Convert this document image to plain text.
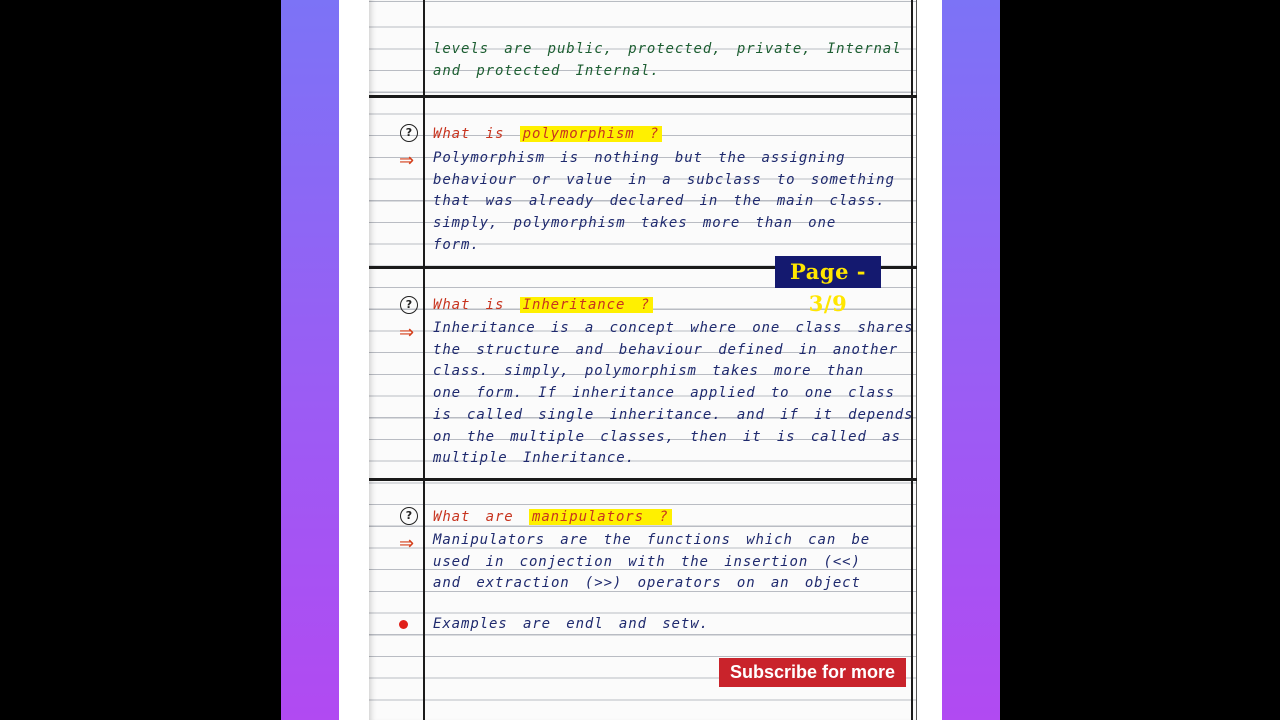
levels are public, protected, private, Internal
and protected Internal.
?	What is polymorphism ?
⇒ Polymorphism is nothing but the assigning
behaviour or value in a subclass to something
that was already declared in the main class.
simply, polymorphism takes more than one
form.
?	What is Inheritance ?
⇒ Inheritance is a concept where one class shares
the structure and behaviour defined in another
class. simply, polymorphism takes more than
one form. If inheritance applied to one class
is called single inheritance. and if it depends
on the multiple classes, then it is called as
multiple Inheritance.
?	What are manipulators ?
⇒ Manipulators are the functions which can be
used in conjection with the insertion (<<)
and extraction (>>) operators on an object
Examples are endl and setw.
Page - 3/9
Subscribe for more
